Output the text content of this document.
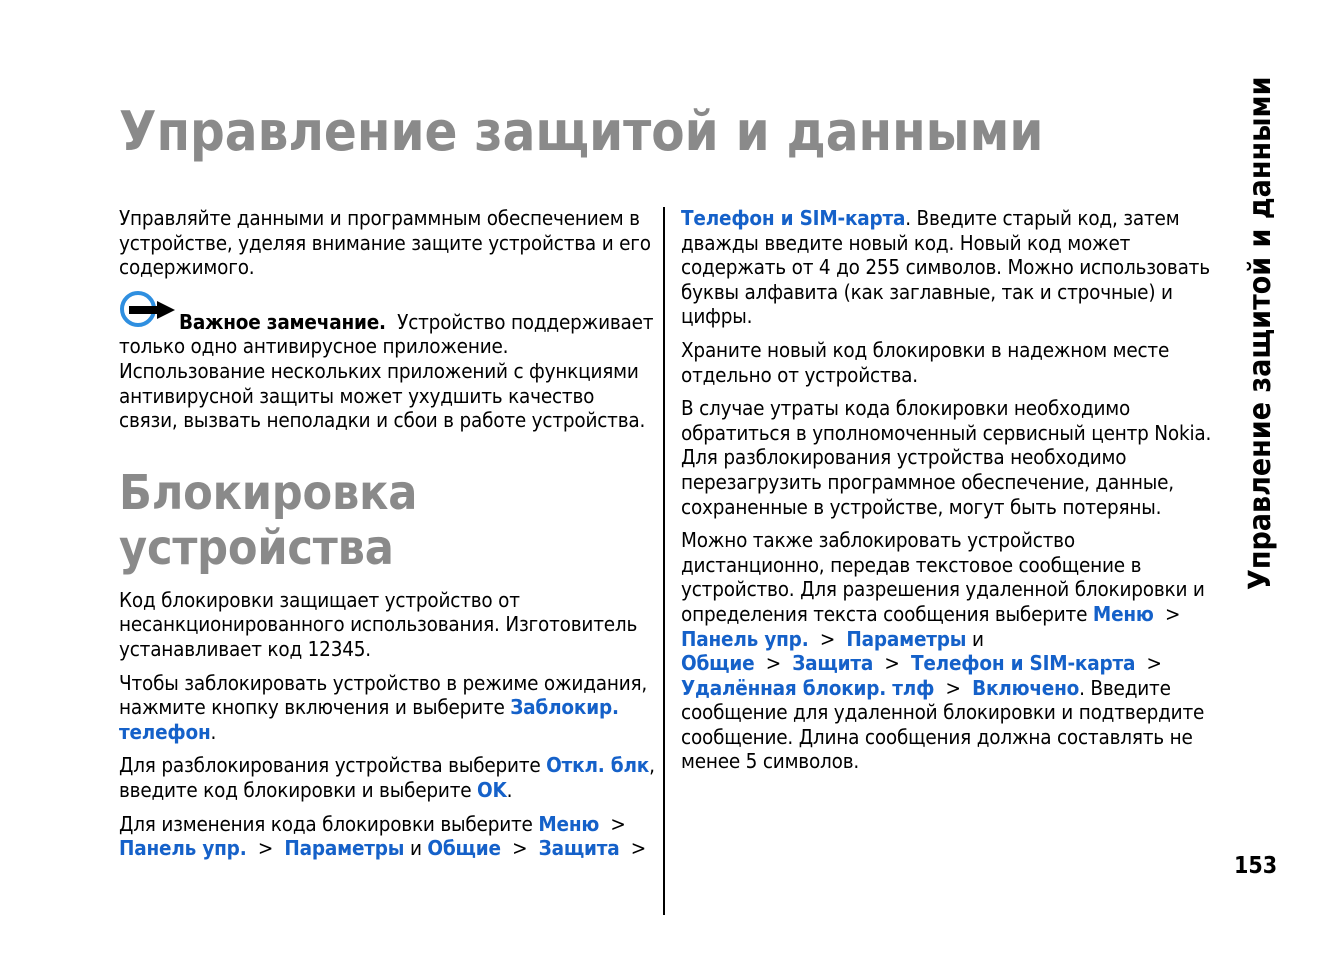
Управление защитой и данными

Управляйте данными и программным обеспечением в устройстве, уделяя внимание защите устройства и его содержимого.

Важное замечание. Устройство поддерживает только одно антивирусное приложение. Использование нескольких приложений с функциями антивирусной защиты может ухудшить качество связи, вызвать неполадки и сбои в работе устройства.

Блокировка устройства

Код блокировки защищает устройство от несанкционированного использования. Изготовитель устанавливает код 12345.

Чтобы заблокировать устройство в режиме ожидания, нажмите кнопку включения и выберите Заблокир. телефон.

Для разблокирования устройства выберите Откл. блк, введите код блокировки и выберите OK.

Для изменения кода блокировки выберите Меню >
Панель упр. > Параметры и Общие > Защита >

Телефон и SIM-карта. Введите старый код, затем дважды введите новый код. Новый код может содержать от 4 до 255 символов. Можно использовать буквы алфавита (как заглавные, так и строчные) и цифры.

Храните новый код блокировки в надежном месте отдельно от устройства.

В случае утраты кода блокировки необходимо обратиться в уполномоченный сервисный центр Nokia. Для разблокирования устройства необходимо перезагрузить программное обеспечение, данные, сохраненные в устройстве, могут быть потеряны.

Можно также заблокировать устройство дистанционно, передав текстовое сообщение в устройство. Для разрешения удаленной блокировки и определения текста сообщения выберите Меню >  Панель упр. > Параметры и
Общие > Защита > Телефон и SIM-карта >
Удалённая блокир. тлф > Включено. Введите сообщение для удаленной блокировки и подтвердите сообщение. Длина сообщения должна составлять не менее 5 символов.

Управление защитой и данными
153
